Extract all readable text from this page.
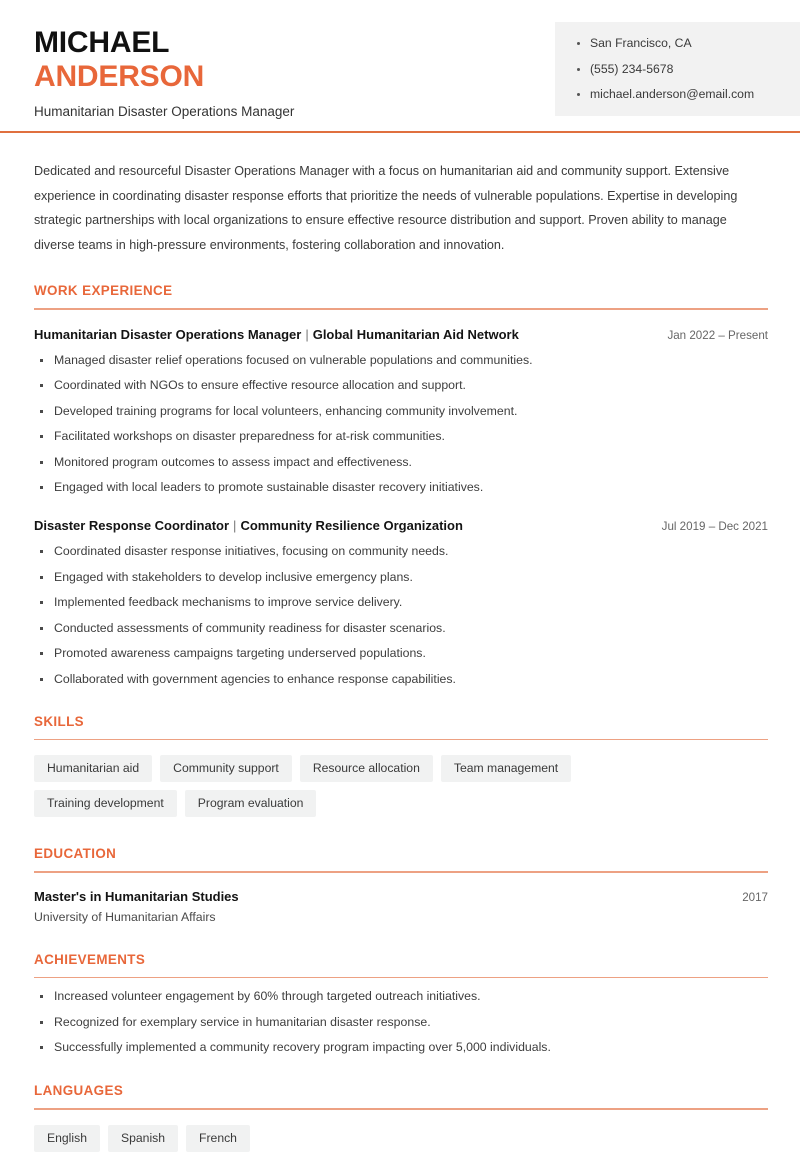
MICHAEL
ANDERSON
Humanitarian Disaster Operations Manager
San Francisco, CA
(555) 234-5678
michael.anderson@email.com

Dedicated and resourceful Disaster Operations Manager with a focus on humanitarian aid and community support. Extensive experience in coordinating disaster response efforts that prioritize the needs of vulnerable populations. Expertise in developing strategic partnerships with local organizations to ensure effective resource distribution and support. Proven ability to manage diverse teams in high-pressure environments, fostering collaboration and innovation.

WORK EXPERIENCE
Humanitarian Disaster Operations Manager | Global Humanitarian Aid Network	Jan 2022 – Present
Managed disaster relief operations focused on vulnerable populations and communities.
Coordinated with NGOs to ensure effective resource allocation and support.
Developed training programs for local volunteers, enhancing community involvement.
Facilitated workshops on disaster preparedness for at-risk communities.
Monitored program outcomes to assess impact and effectiveness.
Engaged with local leaders to promote sustainable disaster recovery initiatives.
Disaster Response Coordinator | Community Resilience Organization	Jul 2019 – Dec 2021
Coordinated disaster response initiatives, focusing on community needs.
Engaged with stakeholders to develop inclusive emergency plans.
Implemented feedback mechanisms to improve service delivery.
Conducted assessments of community readiness for disaster scenarios.
Promoted awareness campaigns targeting underserved populations.
Collaborated with government agencies to enhance response capabilities.
SKILLS
Humanitarian aid	Community support	Resource allocation	Team management
Training development	Program evaluation
EDUCATION
Master's in Humanitarian Studies	2017
University of Humanitarian Affairs
ACHIEVEMENTS
Increased volunteer engagement by 60% through targeted outreach initiatives.
Recognized for exemplary service in humanitarian disaster response.
Successfully implemented a community recovery program impacting over 5,000 individuals.
LANGUAGES
English	Spanish	French
